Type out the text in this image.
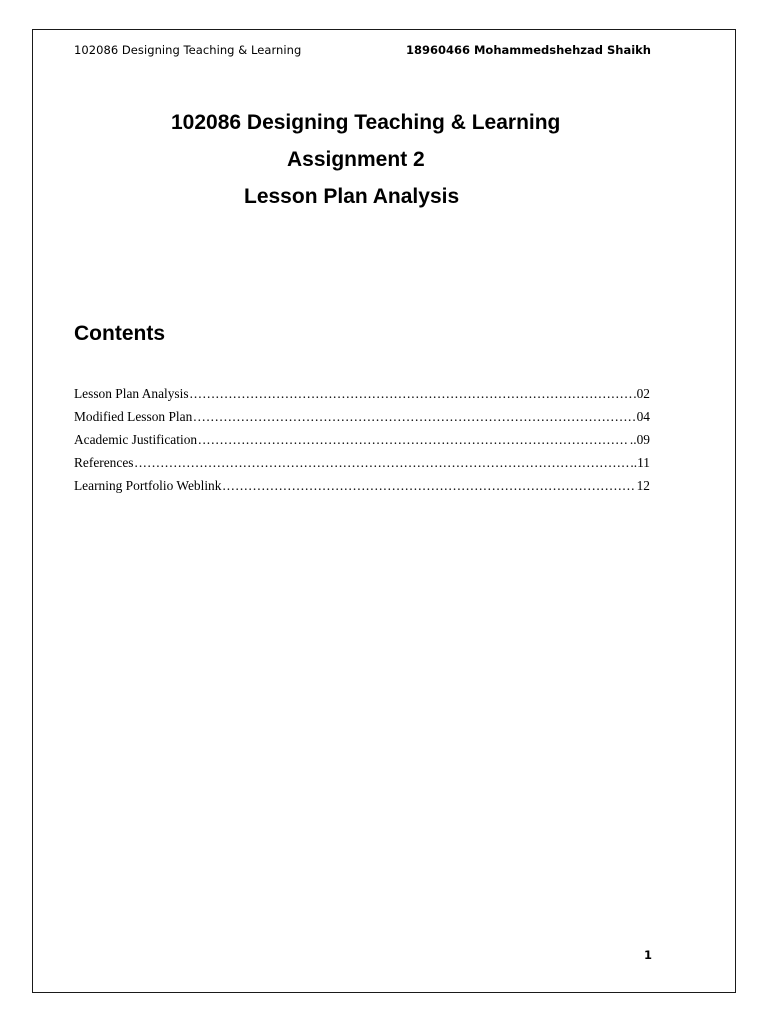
102086 Designing Teaching & Learning	18960466 Mohammedshehzad Shaikh
102086 Designing Teaching & Learning
Assignment 2
Lesson Plan Analysis
Contents
Lesson Plan Analysis .....	.02
Modified Lesson Plan .....	04
Academic Justification .....	..09
References .....	..11
Learning Portfolio Weblink .....	12
1
